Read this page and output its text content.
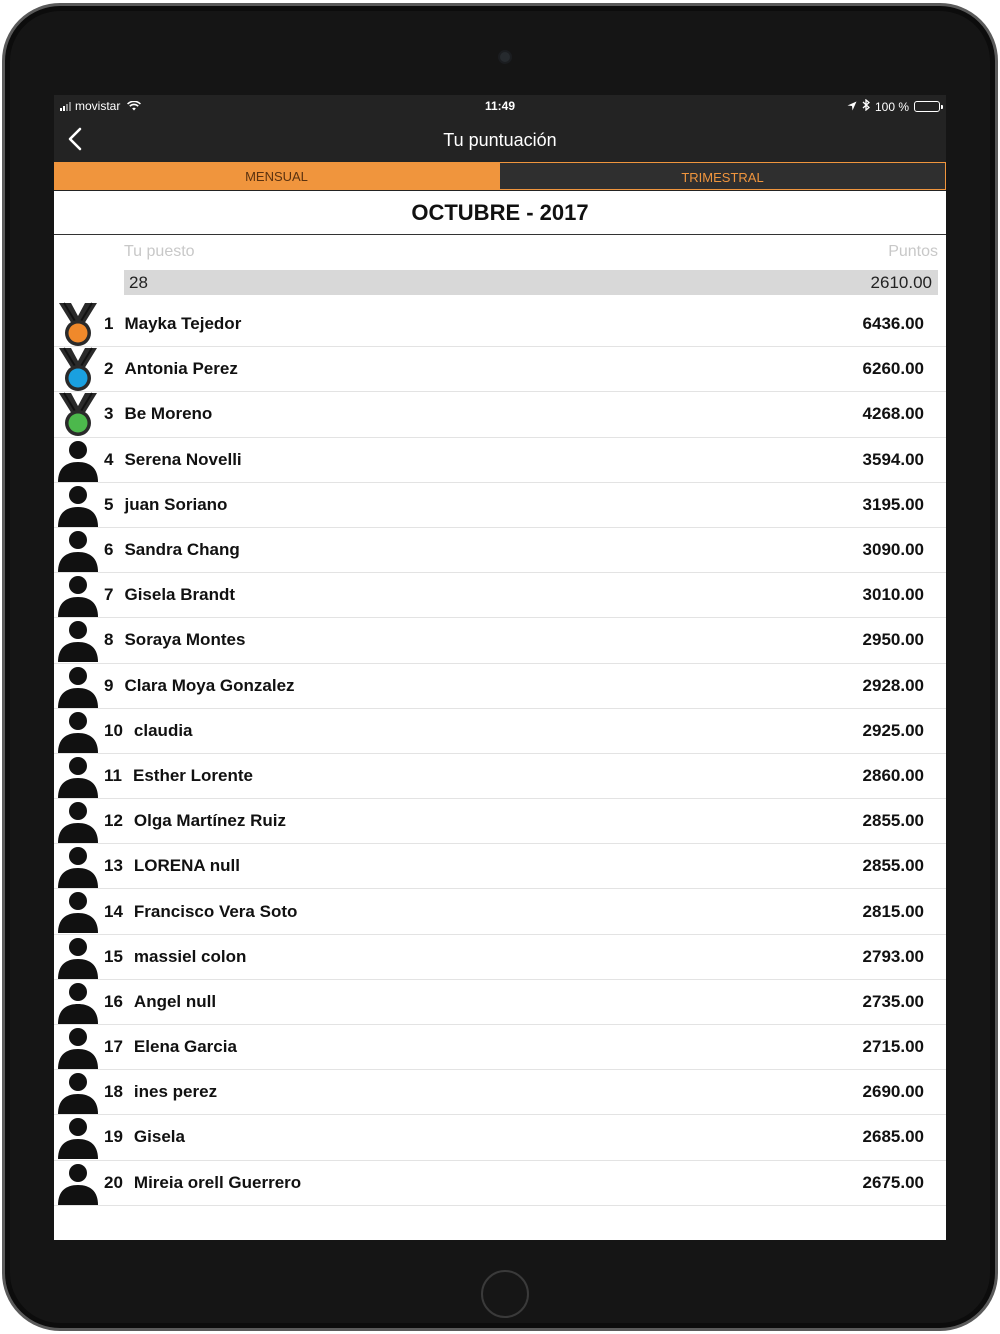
movistar	11:49	100 %
Tu puntuación
MENSUAL	TRIMESTRAL
OCTUBRE - 2017
Tu puesto	Puntos
28	2610.00
1 Mayka Tejedor	6436.00
2 Antonia Perez	6260.00
3 Be Moreno	4268.00
4 Serena Novelli	3594.00
5 juan Soriano	3195.00
6 Sandra Chang	3090.00
7 Gisela Brandt	3010.00
8 Soraya Montes	2950.00
9 Clara Moya Gonzalez	2928.00
10 claudia	2925.00
11 Esther Lorente	2860.00
12 Olga Martínez Ruiz	2855.00
13 LORENA null	2855.00
14 Francisco Vera Soto	2815.00
15 massiel colon	2793.00
16 Angel null	2735.00
17 Elena Garcia	2715.00
18 ines perez	2690.00
19 Gisela	2685.00
20 Mireia orell Guerrero	2675.00
